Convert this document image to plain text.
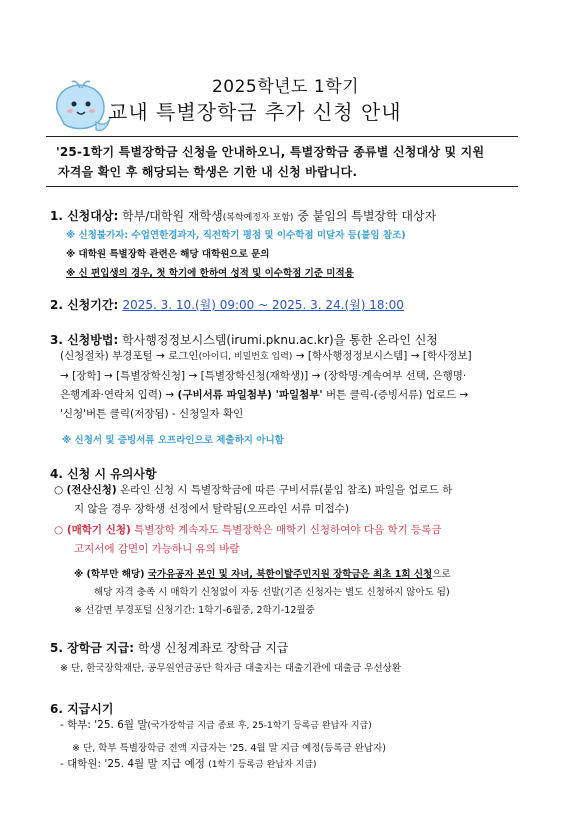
2025학년도 1학기
교내 특별장학금 추가 신청 안내
'25-1학기 특별장학금 신청을 안내하오니, 특별장학금 종류별 신청대상 및 지원
자격을 확인 후 해당되는 학생은 기한 내 신청 바랍니다.
1. 신청대상: 학부/대학원 재학생(복학예정자 포함) 중 붙임의 특별장학 대상자
※ 신청불가자: 수업연한경과자, 직전학기 평점 및 이수학점 미달자 등(붙임 참조)
※ 대학원 특별장학 관련은 해당 대학원으로 문의
※ 신 편입생의 경우, 첫 학기에 한하여 성적 및 이수학점 기준 미적용
2. 신청기간: 2025. 3. 10.(월) 09:00 ~ 2025. 3. 24.(월) 18:00
3. 신청방법: 학사행정정보시스템(irumi.pknu.ac.kr)을 통한 온라인 신청
(신청절차) 부경포털 → 로그인(아이디, 비밀번호 입력) → [학사행정정보시스템] → [학사정보]
→ [장학] → [특별장학신청] → [특별장학신청(재학생)] → (장학명·계속여부 선택, 은행명·
은행계좌·연락처 입력) → (구비서류 파일첨부) '파일첨부' 버튼 클릭-(증빙서류) 업로드 →
'신청'버튼 클릭(저장됨) - 신청일자 확인
※ 신청서 및 증빙서류 오프라인으로 제출하지 아니함
4. 신청 시 유의사항
○ (전산신청) 온라인 신청 시 특별장학금에 따른 구비서류(붙임 참조) 파일을 업로드 하
지 않을 경우 장학생 선정에서 탈락됨(오프라인 서류 미접수)
○ (매학기 신청) 특별장학 계속자도 특별장학은 매학기 신청하여야 다음 학기 등록금
고지서에 감면이 가능하니 유의 바람
※ (학부만 해당) 국가유공자 본인 및 자녀, 북한이탈주민지원 장학금은 최초 1회 신청으로
해당 자격 충족 시 매학기 신청없이 자동 선발(기존 신청자는 별도 신청하지 않아도 됨)
※ 선감면 부경포털 신청기간: 1학기-6월중, 2학기-12월중
5. 장학금 지급: 학생 신청계좌로 장학금 지급
※ 단, 한국장학재단, 공무원연금공단 학자금 대출자는 대출기관에 대출금 우선상환
6. 지급시기
- 학부: '25. 6월 말(국가장학금 지급 종료 후, 25-1학기 등록금 완납자 지급)
※ 단, 학부 특별장학금 전액 지급자는 '25. 4월 말 지급 예정(등록금 완납자)
- 대학원: '25. 4월 말 지급 예정 (1학기 등록금 완납자 지급)
